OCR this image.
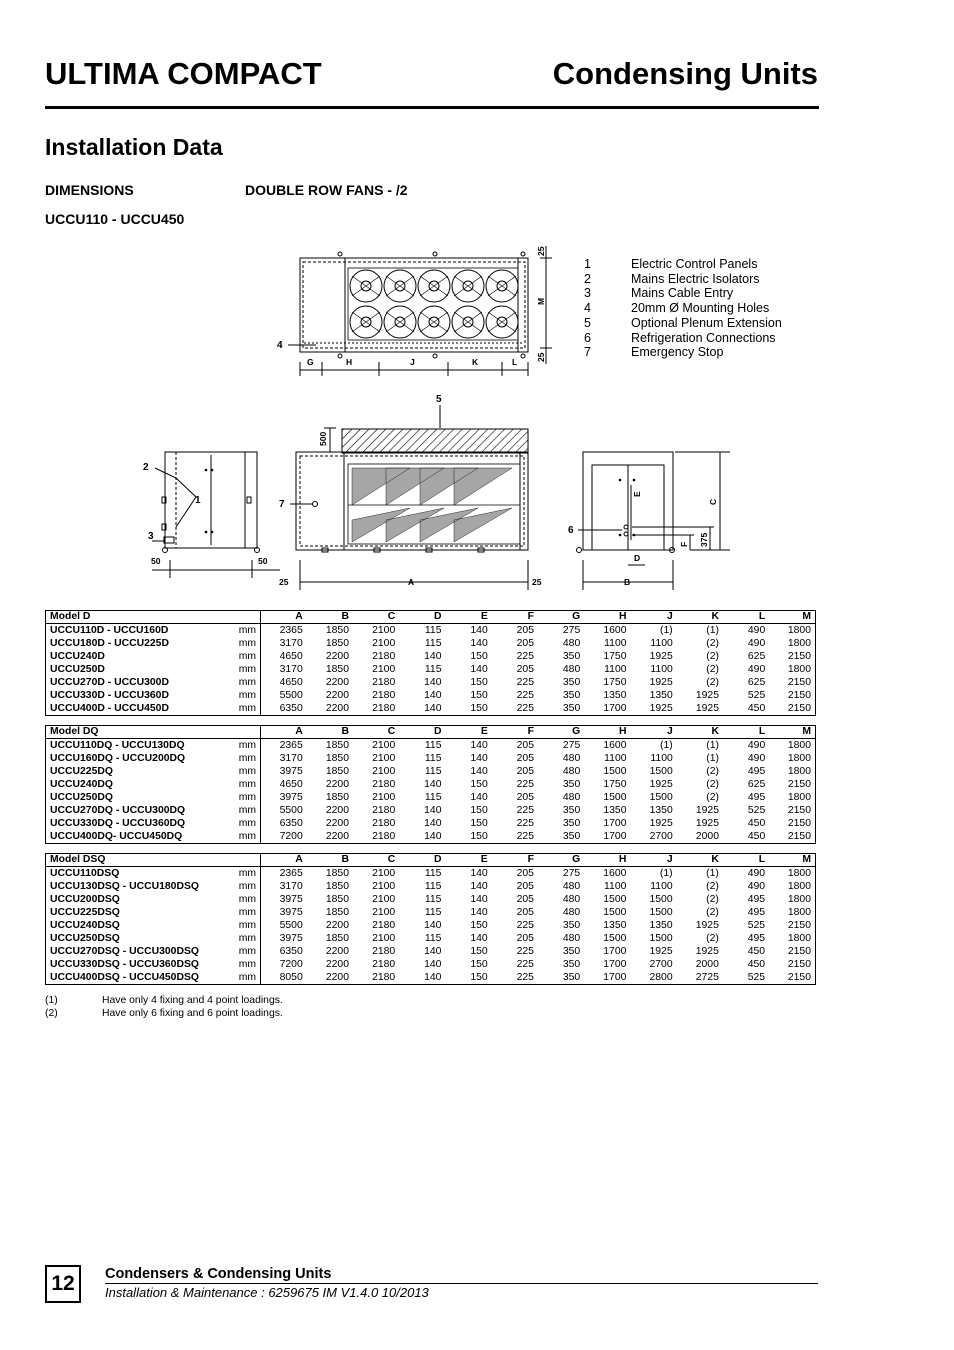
ULTIMA COMPACT	Condensing Units
Installation Data
DIMENSIONS	DOUBLE ROW FANS - /2
UCCU110 - UCCU450
1	Electric Control Panels
2	Mains Electric Isolators
3	Mains Cable Entry
4	20mm Ø Mounting Holes
5	Optional Plenum Extension
6	Refrigeration Connections
7	Emergency Stop
4
G	H	J	K	L
M
25
25
5
500
7
A
25	25
2
1
3
50	50
6
C
E
F 375
D
B
Model D		A	B	C	D	E	F	G	H	J	K	L	M
UCCU110D - UCCU160D	mm	2365	1850	2100	115	140	205	275	1600	(1)	(1)	490	1800
UCCU180D - UCCU225D	mm	3170	1850	2100	115	140	205	480	1100	1100	(2)	490	1800
UCCU240D	mm	4650	2200	2180	140	150	225	350	1750	1925	(2)	625	2150
UCCU250D	mm	3170	1850	2100	115	140	205	480	1100	1100	(2)	490	1800
UCCU270D - UCCU300D	mm	4650	2200	2180	140	150	225	350	1750	1925	(2)	625	2150
UCCU330D - UCCU360D	mm	5500	2200	2180	140	150	225	350	1350	1350	1925	525	2150
UCCU400D - UCCU450D	mm	6350	2200	2180	140	150	225	350	1700	1925	1925	450	2150
Model DQ		A	B	C	D	E	F	G	H	J	K	L	M
UCCU110DQ - UCCU130DQ	mm	2365	1850	2100	115	140	205	275	1600	(1)	(1)	490	1800
UCCU160DQ - UCCU200DQ	mm	3170	1850	2100	115	140	205	480	1100	1100	(1)	490	1800
UCCU225DQ	mm	3975	1850	2100	115	140	205	480	1500	1500	(2)	495	1800
UCCU240DQ	mm	4650	2200	2180	140	150	225	350	1750	1925	(2)	625	2150
UCCU250DQ	mm	3975	1850	2100	115	140	205	480	1500	1500	(2)	495	1800
UCCU270DQ - UCCU300DQ	mm	5500	2200	2180	140	150	225	350	1350	1350	1925	525	2150
UCCU330DQ - UCCU360DQ	mm	6350	2200	2180	140	150	225	350	1700	1925	1925	450	2150
UCCU400DQ- UCCU450DQ	mm	7200	2200	2180	140	150	225	350	1700	2700	2000	450	2150
Model DSQ		A	B	C	D	E	F	G	H	J	K	L	M
UCCU110DSQ	mm	2365	1850	2100	115	140	205	275	1600	(1)	(1)	490	1800
UCCU130DSQ - UCCU180DSQ	mm	3170	1850	2100	115	140	205	480	1100	1100	(2)	490	1800
UCCU200DSQ	mm	3975	1850	2100	115	140	205	480	1500	1500	(2)	495	1800
UCCU225DSQ	mm	3975	1850	2100	115	140	205	480	1500	1500	(2)	495	1800
UCCU240DSQ	mm	5500	2200	2180	140	150	225	350	1350	1350	1925	525	2150
UCCU250DSQ	mm	3975	1850	2100	115	140	205	480	1500	1500	(2)	495	1800
UCCU270DSQ - UCCU300DSQ	mm	6350	2200	2180	140	150	225	350	1700	1925	1925	450	2150
UCCU330DSQ - UCCU360DSQ	mm	7200	2200	2180	140	150	225	350	1700	2700	2000	450	2150
UCCU400DSQ - UCCU450DSQ	mm	8050	2200	2180	140	150	225	350	1700	2800	2725	525	2150
(1)	Have only 4 fixing and 4 point loadings.
(2)	Have only 6 fixing and 6 point loadings.
12	Condensers & Condensing Units
Installation & Maintenance : 6259675 IM V1.4.0 10/2013
